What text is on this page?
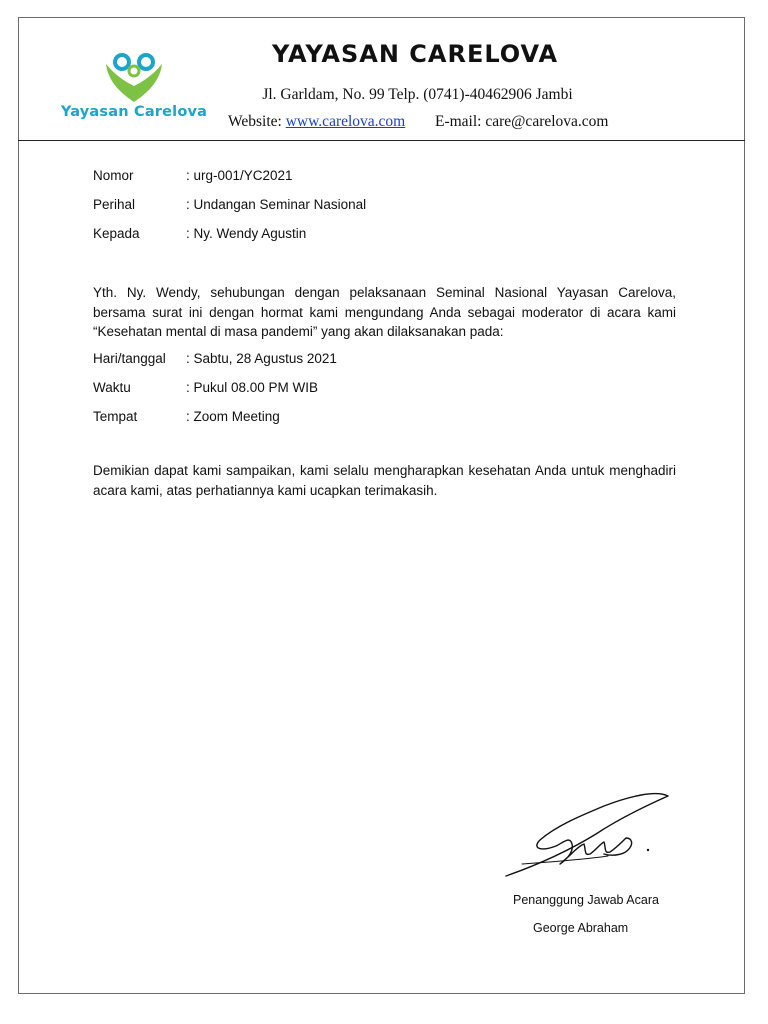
Yayasan Carelova
YAYASAN CARELOVA
Jl. Garldam, No. 99 Telp. (0741)-40462906 Jambi
Website: www.carelova.com E-mail: care@carelova.com
Nomor	: urg-001/YC2021
Perihal	: Undangan Seminar Nasional
Kepada	: Ny. Wendy Agustin

Yth. Ny. Wendy, sehubungan dengan pelaksanaan Seminal Nasional Yayasan Carelova, bersama surat ini dengan hormat kami mengundang Anda sebagai moderator di acara kami “Kesehatan mental di masa pandemi” yang akan dilaksanakan pada:

Hari/tanggal : Sabtu, 28 Agustus 2021
Waktu	: Pukul 08.00 PM WIB
Tempat	: Zoom Meeting

Demikian dapat kami sampaikan, kami selalu mengharapkan kesehatan Anda untuk menghadiri acara kami, atas perhatiannya kami ucapkan terimakasih.

Penanggung Jawab Acara
George Abraham
